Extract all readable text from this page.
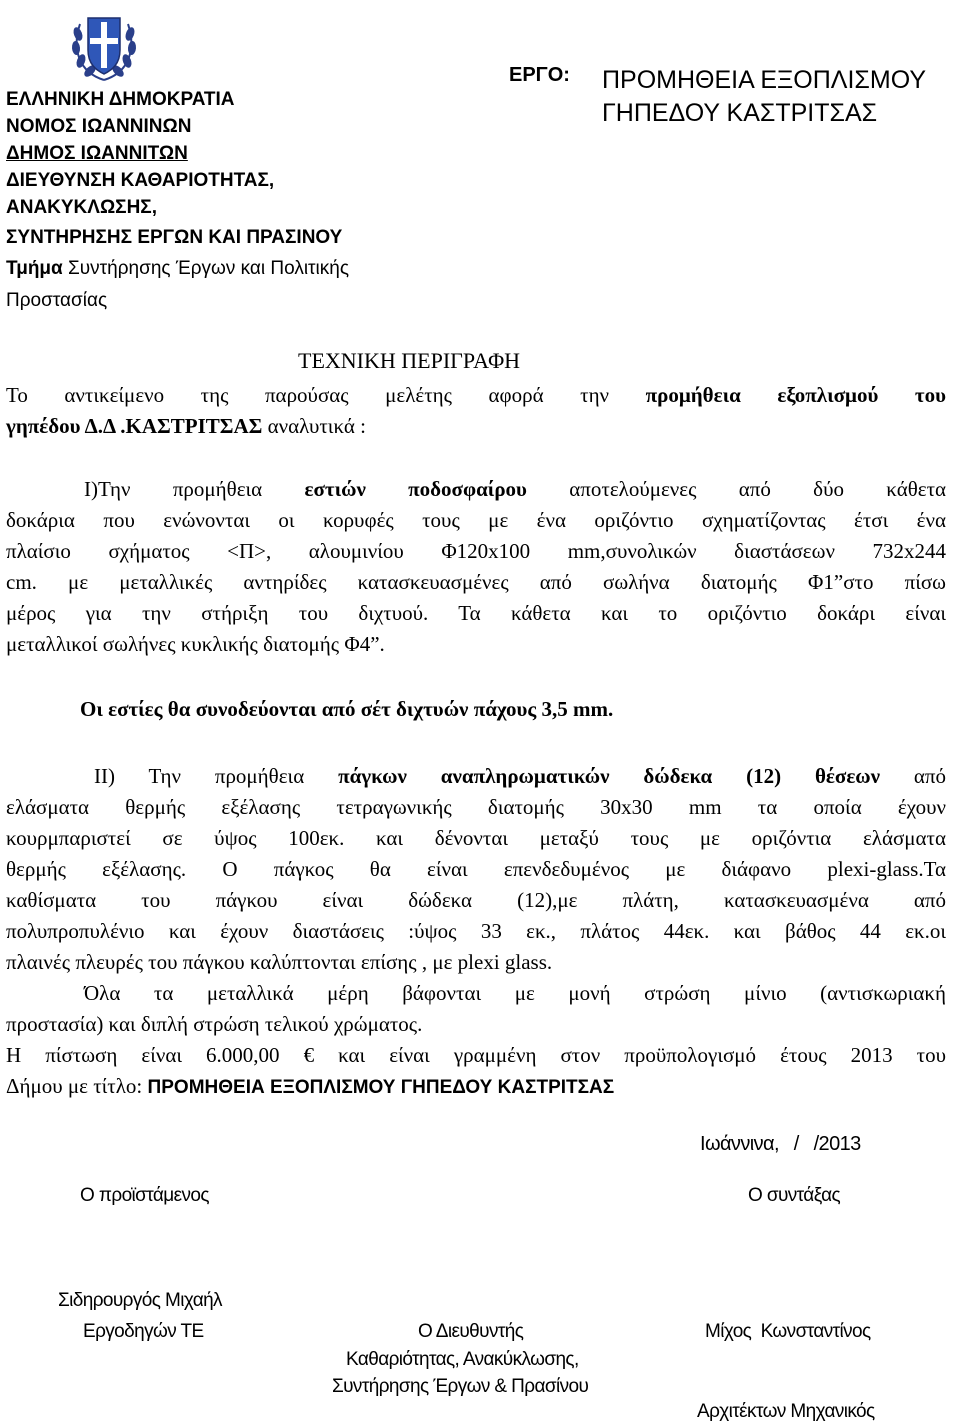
ΕΛΛΗΝΙΚΗ ΔΗΜΟΚΡΑΤΙΑ
ΝΟΜΟΣ ΙΩΑΝΝΙΝΩΝ
ΔΗΜΟΣ ΙΩΑΝΝΙΤΩΝ
ΔΙΕΥΘΥΝΣΗ ΚΑΘΑΡΙΟΤΗΤΑΣ,
ΑΝΑΚΥΚΛΩΣΗΣ,
ΣΥΝΤΗΡΗΣΗΣ ΕΡΓΩΝ ΚΑΙ ΠΡΑΣΙΝΟΥ
Τμήμα Συντήρησης Έργων και Πολιτικής
Προστασίας
ΕΡΓΟ: ΠΡΟΜΗΘΕΙΑ ΕΞΟΠΛΙΣΜΟΥ
ΓΗΠΕΔΟΥ ΚΑΣΤΡΙΤΣΑΣ
ΤΕΧΝΙΚΗ ΠΕΡΙΓΡΑΦΗ
Το αντικείμενο της παρούσας μελέτης αφορά την προμήθεια εξοπλισμού του
γηπέδου Δ.Δ .ΚΑΣΤΡΙΤΣΑΣ αναλυτικά :
Ι)Την προμήθεια εστιών ποδοσφαίρου αποτελούμενες από δύο κάθετα
δοκάρια που ενώνονται οι κορυφές τους με ένα οριζόντιο σχηματίζοντας έτσι ένα
πλαίσιο σχήματος <Π>, αλουμινίου Φ120x100 mm,συνολικών διαστάσεων 732x244
cm. με μεταλλικές αντηρίδες κατασκευασμένες από σωλήνα διατομής Φ1”στο πίσω
μέρος για την στήριξη του διχτυού. Τα κάθετα και το οριζόντιο δοκάρι είναι
μεταλλικοί σωλήνες κυκλικής διατομής Φ4”.
Οι εστίες θα συνοδεύονται από σέτ διχτυών πάχους 3,5 mm.
ΙΙ) Την προμήθεια πάγκων αναπληρωματικών δώδεκα (12) θέσεων από
ελάσματα θερμής εξέλασης τετραγωνικής διατομής 30x30 mm τα οποία έχουν
κουρμπαριστεί σε ύψος 100εκ. και δένονται μεταξύ τους με οριζόντια ελάσματα
θερμής εξέλασης. Ο πάγκος θα είναι επενδεδυμένος με διάφανο plexi-glass.Τα
καθίσματα του πάγκου είναι δώδεκα (12),με πλάτη, κατασκευασμένα από
πολυπροπυλένιο και έχουν διαστάσεις :ύψος 33 εκ., πλάτος 44εκ. και βάθος 44 εκ.οι
πλαινές πλευρές του πάγκου καλύπτονται επίσης , με plexi glass.
Όλα τα μεταλλικά μέρη βάφονται με μονή στρώση μίνιο (αντισκωριακή
προστασία) και διπλή στρώση τελικού χρώματος.
Η πίστωση είναι 6.000,00 € και είναι γραμμένη στον προϋπολογισμό έτους 2013 του
Δήμου με τίτλο: ΠΡΟΜΗΘΕΙΑ ΕΞΟΠΛΙΣΜΟΥ ΓΗΠΕΔΟΥ ΚΑΣΤΡΙΤΣΑΣ
Ιωάννινα,   /   /2013
Ο προϊστάμενος	Ο συντάξας
Σιδηρουργός Μιχαήλ
Εργοδηγών ΤΕ	Ο Διευθυντής
Καθαριότητας, Ανακύκλωσης,
Συντήρησης Έργων & Πρασίνου
Μίχος  Κωνσταντίνος
Αρχιτέκτων Μηχανικός
